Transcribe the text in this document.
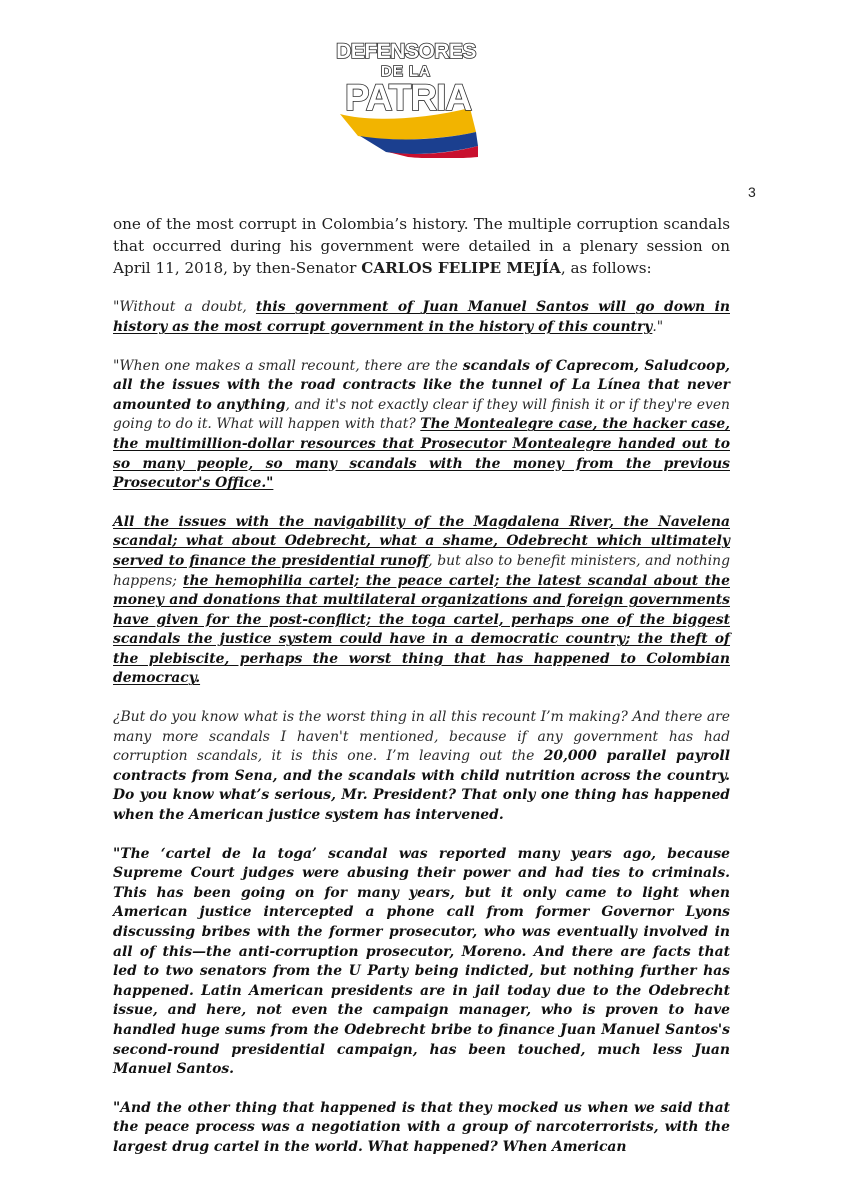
DEFENSORES
DE LA
PATRIA
3

one of the most corrupt in Colombia’s history. The multiple corruption scandals that occurred during his government were detailed in a plenary session on April 11, 2018, by then-Senator CARLOS FELIPE MEJÍA, as follows:

"Without a doubt, this government of Juan Manuel Santos will go down in history as the most corrupt government in the history of this country."

"When one makes a small recount, there are the scandals of Caprecom, Saludcoop, all the issues with the road contracts like the tunnel of La Línea that never amounted to anything, and it's not exactly clear if they will finish it or if they're even going to do it. What will happen with that? The Montealegre case, the hacker case, the multimillion-dollar resources that Prosecutor Montealegre handed out to so many people, so many scandals with the money from the previous Prosecutor's Office."

All the issues with the navigability of the Magdalena River, the Navelena scandal; what about Odebrecht, what a shame, Odebrecht which ultimately served to finance the presidential runoff, but also to benefit ministers, and nothing happens; the hemophilia cartel; the peace cartel; the latest scandal about the money and donations that multilateral organizations and foreign governments have given for the post-conflict; the toga cartel, perhaps one of the biggest scandals the justice system could have in a democratic country; the theft of the plebiscite, perhaps the worst thing that has happened to Colombian democracy.

¿But do you know what is the worst thing in all this recount I’m making? And there are many more scandals I haven't mentioned, because if any government has had corruption scandals, it is this one. I’m leaving out the 20,000 parallel payroll contracts from Sena, and the scandals with child nutrition across the country. Do you know what’s serious, Mr. President? That only one thing has happened when the American justice system has intervened.

"The ‘cartel de la toga’ scandal was reported many years ago, because Supreme Court judges were abusing their power and had ties to criminals. This has been going on for many years, but it only came to light when American justice intercepted a phone call from former Governor Lyons discussing bribes with the former prosecutor, who was eventually involved in all of this—the anti-corruption prosecutor, Moreno. And there are facts that led to two senators from the U Party being indicted, but nothing further has happened. Latin American presidents are in jail today due to the Odebrecht issue, and here, not even the campaign manager, who is proven to have handled huge sums from the Odebrecht bribe to finance Juan Manuel Santos's second-round presidential campaign, has been touched, much less Juan Manuel Santos.

"And the other thing that happened is that they mocked us when we said that the peace process was a negotiation with a group of narcoterrorists, with the largest drug cartel in the world. What happened? When American
